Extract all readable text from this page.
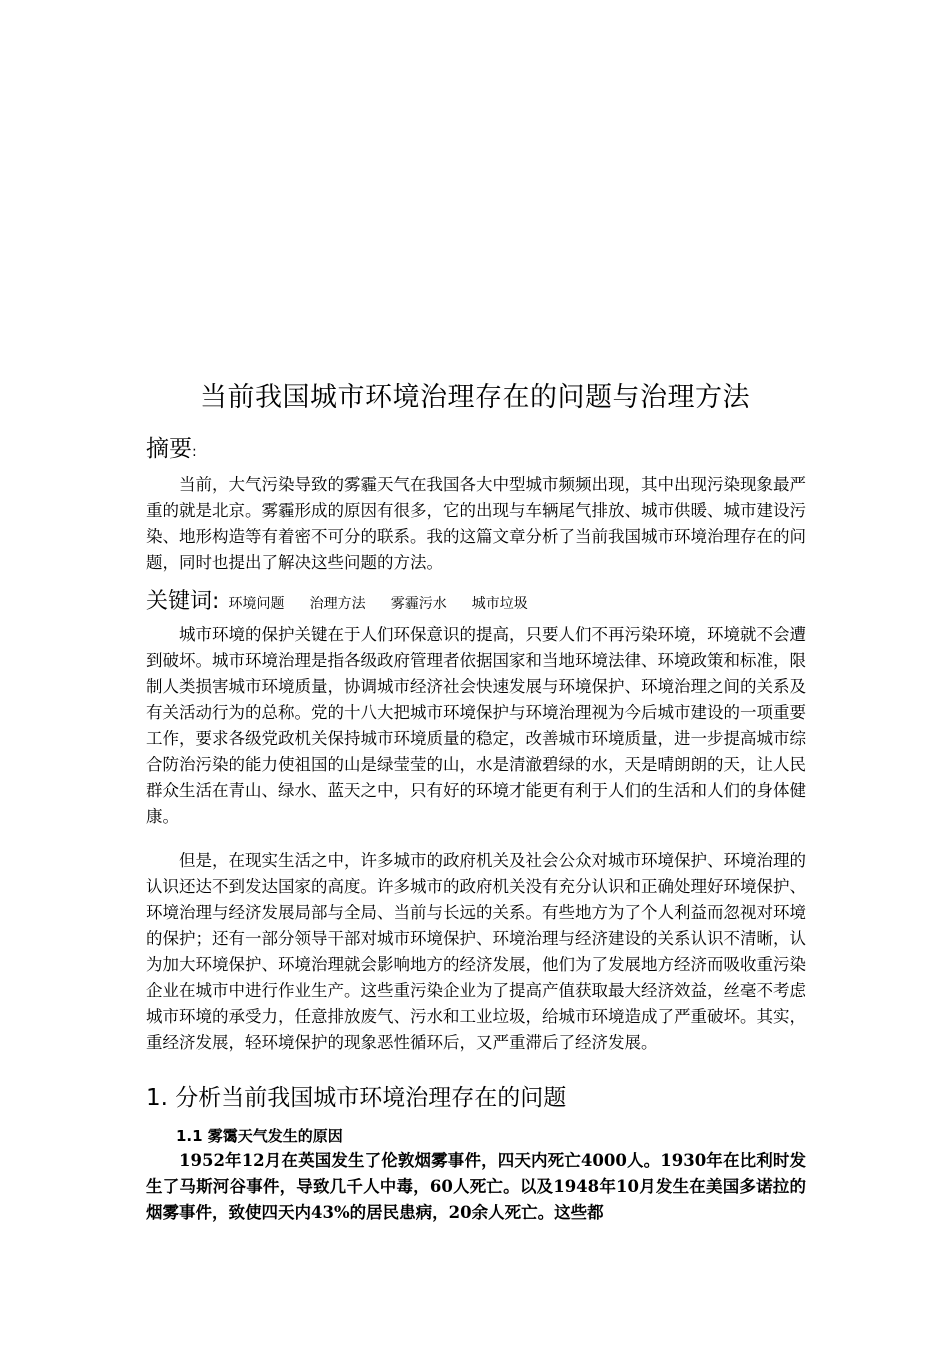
当前我国城市环境治理存在的问题与治理方法
摘要:

当前，大气污染导致的雾霾天气在我国各大中型城市频频出现，其中出现污染现象最严重的就是北京。雾霾形成的原因有很多，它的出现与车辆尾气排放、城市供暖、城市建设污染、地形构造等有着密不可分的联系。我的这篇文章分析了当前我国城市环境治理存在的问题，同时也提出了解决这些问题的方法。

关键词: 环境问题 治理方法 雾霾污水 城市垃圾

城市环境的保护关键在于人们环保意识的提高，只要人们不再污染环境，环境就不会遭到破坏。城市环境治理是指各级政府管理者依据国家和当地环境法律、环境政策和标准，限制人类损害城市环境质量，协调城市经济社会快速发展与环境保护、环境治理之间的关系及有关活动行为的总称。党的十八大把城市环境保护与环境治理视为今后城市建设的一项重要工作，要求各级党政机关保持城市环境质量的稳定，改善城市环境质量，进一步提高城市综合防治污染的能力使祖国的山是绿莹莹的山，水是清澈碧绿的水，天是晴朗朗的天，让人民群众生活在青山、绿水、蓝天之中，只有好的环境才能更有利于人们的生活和人们的身体健康。

但是，在现实生活之中，许多城市的政府机关及社会公众对城市环境保护、环境治理的认识还达不到发达国家的高度。许多城市的政府机关没有充分认识和正确处理好环境保护、环境治理与经济发展局部与全局、当前与长远的关系。有些地方为了个人利益而忽视对环境的保护；还有一部分领导干部对城市环境保护、环境治理与经济建设的关系认识不清晰，认为加大环境保护、环境治理就会影响地方的经济发展，他们为了发展地方经济而吸收重污染企业在城市中进行作业生产。这些重污染企业为了提高产值获取最大经济效益，丝毫不考虑城市环境的承受力，任意排放废气、污水和工业垃圾，给城市环境造成了严重破坏。其实，重经济发展，轻环境保护的现象恶性循环后，又严重滞后了经济发展。

1. 分析当前我国城市环境治理存在的问题
1.1 雾霭天气发生的原因

1952年12月在英国发生了伦敦烟雾事件，四天内死亡4000人。1930年在比利时发生了马斯河谷事件，导致几千人中毒，60人死亡。以及1948年10月发生在美国多诺拉的烟雾事件，致使四天内43%的居民患病，20余人死亡。这些都
